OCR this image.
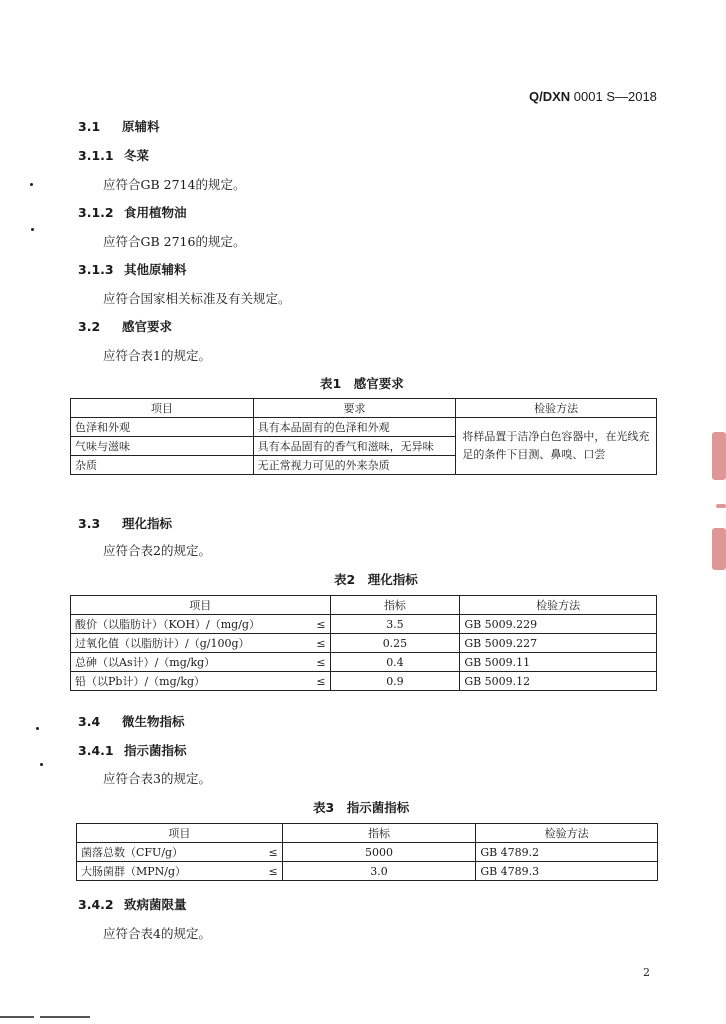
Q/DXN 0001 S—2018
3.1 原辅料
3.1.1 冬菜
应符合GB 2714的规定。
3.1.2 食用植物油
应符合GB 2716的规定。
3.1.3 其他原辅料
应符合国家相关标准及有关规定。
3.2 感官要求
应符合表1的规定。
表1　感官要求
项目	要求	检验方法
色泽和外观	具有本品固有的色泽和外观	将样品置于洁净白色容器中，在光线充足的条件下目测、鼻嗅、口尝
气味与滋味	具有本品固有的香气和滋味，无异味	
杂质	无正常视力可见的外来杂质	
3.3 理化指标
应符合表2的规定。
表2　理化指标
项目		指标	检验方法
酸价（以脂肪计）（KOH）/（mg/g）	≤	3.5	GB 5009.229
过氧化值（以脂肪计）/（g/100g）	≤	0.25	GB 5009.227
总砷（以As计）/（mg/kg）	≤	0.4	GB 5009.11
铅（以Pb计）/（mg/kg）	≤	0.9	GB 5009.12
3.4 微生物指标
3.4.1 指示菌指标
应符合表3的规定。
表3　指示菌指标
项目		指标	检验方法
菌落总数（CFU/g）	≤	5000	GB 4789.2
大肠菌群（MPN/g）	≤	3.0	GB 4789.3
3.4.2 致病菌限量
应符合表4的规定。
2
